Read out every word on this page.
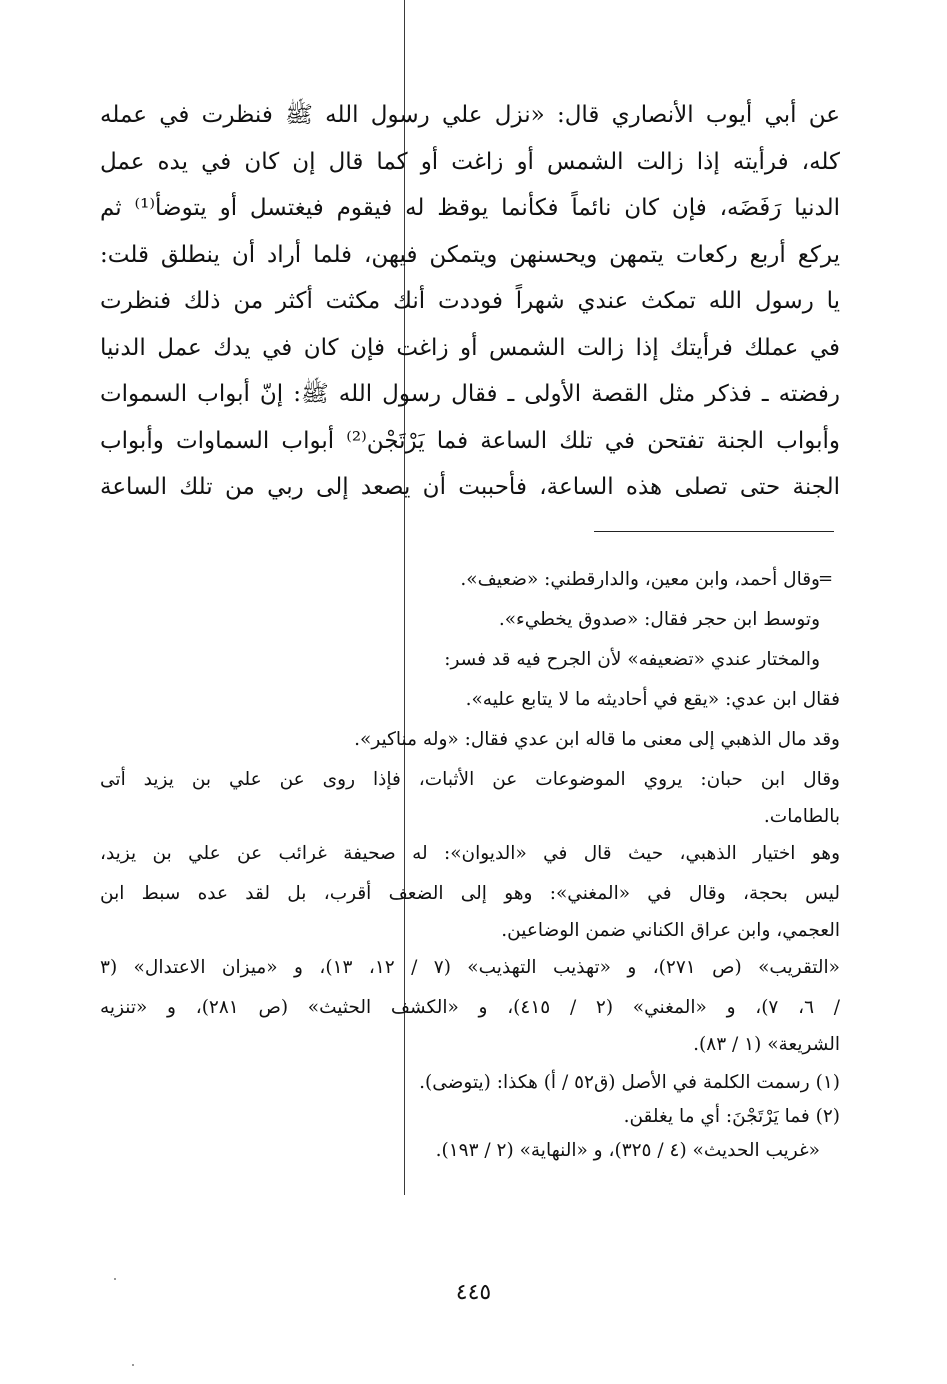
عن أبي أيوب الأنصاري قال: «نزل علي رسول الله ﷺ فنظرت في عمله
كله، فرأيته إذا زالت الشمس أو زاغت أو كما قال إن كان في يده عمل
الدنيا رَفَضَه، فإن كان نائماً فكأنما يوقظ له فيقوم فيغتسل أو يتوضأ⁽¹⁾ ثم
يركع أربع ركعات يتمهن ويحسنهن ويتمكن فيهن، فلما أراد أن ينطلق قلت:
يا رسول الله تمكث عندي شهراً فوددت أنك مكثت أكثر من ذلك فنظرت
في عملك فرأيتك إذا زالت الشمس أو زاغت فإن كان في يدك عمل الدنيا
رفضته ـ فذكر مثل القصة الأولى ـ فقال رسول الله ﷺ: إنّ أبواب السموات
وأبواب الجنة تفتحن في تلك الساعة فما يَرْتَجْن⁽²⁾ أبواب السماوات وأبواب
الجنة حتى تصلى هذه الساعة، فأحببت أن يصعد إلى ربي من تلك الساعة
=
وقال أحمد، وابن معين، والدارقطني: «ضعيف».
وتوسط ابن حجر فقال: «صدوق يخطيء».
والمختار عندي «تضعيفه» لأن الجرح فيه قد فسر:
فقال ابن عدي: «يقع في أحاديثه ما لا يتابع عليه».
وقد مال الذهبي إلى معنى ما قاله ابن عدي فقال: «وله مناكير».
وقال ابن حبان: يروي الموضوعات عن الأثبات، فإذا روى عن علي بن يزيد أتى
بالطامات.
وهو اختيار الذهبي، حيث قال في «الديوان»: له صحيفة غرائب عن علي بن يزيد،
ليس بحجة، وقال في «المغني»: وهو إلى الضعف أقرب، بل لقد عده سبط ابن
العجمي، وابن عراق الكناني ضمن الوضاعين.
«التقريب» (ص ٢٧١)، و «تهذيب التهذيب» (٧ / ١٢، ١٣)، و «ميزان الاعتدال» (٣
/ ٦، ٧)، و «المغني» (٢ / ٤١٥)، و «الكشف الحثيث» (ص ٢٨١)، و «تنزيه
الشريعة» (١ / ٨٣).
(١) رسمت الكلمة في الأصل (ق٥٢ / أ) هكذا: (يتوضى).
(٢) فما يَرْتَجْنَ: أي ما يغلقن.
«غريب الحديث» (٤ / ٣٢٥)، و «النهاية» (٢ / ١٩٣).
٤٤٥
